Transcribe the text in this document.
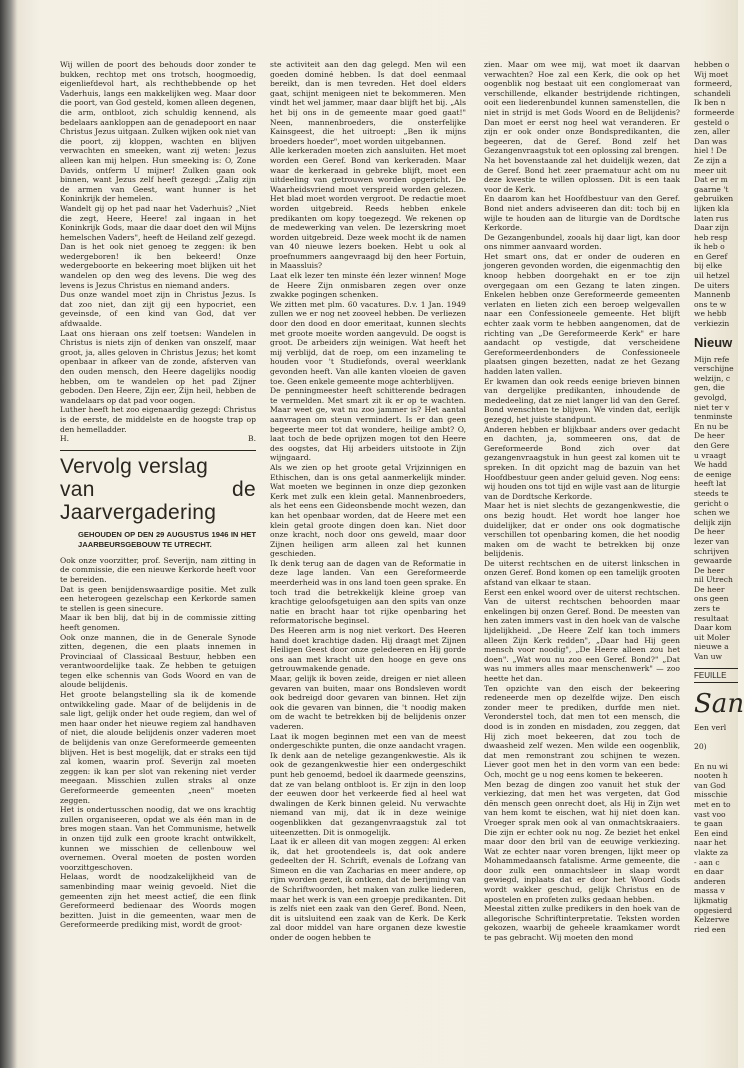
Wij willen de poort des behouds door zonder te bukken, rechtop met ons trotsch, hoogmoedig, eigenliefdevol hart, als rechthebbende op het Vaderhuis, langs een makkelijken weg. Maar door die poort, van God gesteld, komen alleen degenen, die arm, ontbloot, zich schuldig kennend, als bedelaars aankloppen aan de genadepoort en naar Christus Jezus uitgaan. Zulken wijken ook niet van die poort, zij kloppen, wachten en blijven verwachten en smeeken, want zij weten: Jezus alleen kan mij helpen. Hun smeeking is: O, Zone Davids, ontferm U mijner! Zulken gaan ook binnen, want Jezus zelf heeft gezegd: „Zalig zijn de armen van Geest, want hunner is het Koninkrijk der hemelen.

Wandelt gij op het pad naar het Vaderhuis? „Niet die zegt, Heere, Heere! zal ingaan in het Koninkrijk Gods, maar die daar doet den wil Mijns hemelschen Vaders", heeft de Heiland zelf gezegd.

Dan is het ook niet genoeg te zeggen: ik ben wedergeboren! ik ben bekeerd! Onze wedergeboorte en bekeering moet blijken uit het wandelen op den weg des levens. Die weg des levens is Jezus Christus en niemand anders.

Dus onze wandel moet zijn in Christus Jezus. Is dat zoo niet, dan zijt gij een hypocriet, een geveinsde, of een kind van God, dat ver afdwaalde.

Laat ons hieraan ons zelf toetsen: Wandelen in Christus is niets zijn of denken van onszelf, maar groot, ja, alles geloven in Christus Jezus; het komt openbaar in afkeer van de zonde, afsterven van den ouden mensch, den Heere dagelijks noodig hebben, om te wandelen op het pad Zijner geboden. Den Heere, Zijn eer, Zijn heil, hebben de wandelaars op dat pad voor oogen.

Luther heeft het zoo eigenaardig gezegd: Christus is de eerste, de middelste en de hoogste trap op den hemelladder.

H.	B.
Vervolg verslag
van de Jaarvergadering
GEHOUDEN OP DEN 29 AUGUSTUS 1946 IN HET JAARBEURSGEBOUW TE UTRECHT.

Ook onze voorzitter, prof. Severijn, nam zitting in de commissie, die een nieuwe Kerkorde heeft voor te bereiden.

Dat is geen benijdenswaardige positie. Met zulk een heterogeen gezelschap een Kerkorde samen te stellen is geen sinecure.

Maar ik ben blij, dat bij in de commissie zitting heeft genomen.

Ook onze mannen, die in de Generale Synode zitten, degenen, die een plaats innemen in Provinciaal of Classicaal Bestuur, hebben een verantwoordelijke taak. Ze hebben te getuigen tegen elke schennis van Gods Woord en van de aloude belijdenis.

Het groote belangstelling sla ik de komende ontwikkeling gade. Maar of de belijdenis in de sale ligt, gelijk onder het oude regiem, dan wel of men haar onder het nieuwe regiem zal handhaven of niet, die aloude belijdenis onzer vaderen moet de belijdenis van onze Gereformeerde gemeenten blijven. Het is best mogelijk, dat er straks een tijd zal komen, waarin prof. Severijn zal moeten zeggen: ik kan per slot van rekening niet verder meegaan. Misschien zullen straks al onze Gereformeerde gemeenten „neen" moeten zeggen.

Het is ondertusschen noodig, dat we ons krachtig zullen organiseeren, opdat we als één man in de bres mogen staan. Van het Communisme, hetwelk in onzen tijd zulk een groote kracht ontwikkelt, kunnen we misschien de cellenbouw wel overnemen. Overal moeten de posten worden voorzittgeschoven.

Helaas, wordt de noodzakelijkheid van de samenbinding maar weinig gevoeld. Niet die gemeenten zijn het meest actief, die een flink Gereformeerd bedienaar des Woords mogen bezitten. Juist in die gemeenten, waar men de Gereformeerde prediking mist, wordt de groot-

ste activiteit aan den dag gelegd. Men wil een goeden dominé hebben. Is dat doel eenmaal bereikt, dan is men tevreden. Het doel elders gaat, schijnt menigeen niet te bekommeren. Men vindt het wel jammer, maar daar blijft het bij. „Als het bij ons in de gemeente maar goed gaat!" Neen, mannenbroeders, die onsterfelijke Kainsgeest, die het uitroept: „Ben ik mijns broeders hoeder", moet worden uitgebannen.

Alle kerkeraden moeten zich aansluiten. Het moet worden een Geref. Bond van kerkeraden. Maar waar de kerkeraad in gebreke blijft, moet een uitdeeling van getrouwen worden opgericht. De Waarheidsvriend moet verspreid worden gelezen. Het blad moet worden vergroot. De redactie moet worden uitgebreid. Reeds hebben enkele predikanten om kopy toegezegd. We rekenen op de medewerking van velen. De lezerskring moet worden uitgebreid. Deze week mocht ik de namen van 40 nieuwe lezers boeken. Hebt u ook al proefnummers aangevraagd bij den heer Fortuin, in Maassluis?

Laat elk lezer ten minste één lezer winnen! Moge de Heere Zijn onmisbaren zegen over onze zwakke pogingen schenken.

We zitten met plm. 60 vacatures. D.v. 1 Jan. 1949 zullen we er nog net zooveel hebben. De verliezen door den dood en door emeritaat, kunnen slechts met groote moeite worden aangevuld. De oogst is groot. De arbeiders zijn weinigen. Wat heeft het mij verblijd, dat de roep, om een inzameling te houden voor 't Studiefonds, overal weerklank gevonden heeft. Van alle kanten vloeien de gaven toe. Geen enkele gemeente moge achterblijven.

De penningmeester heeft schitterende bedragen te vermelden. Met smart zit ik er op te wachten. Maar weet ge, wat nu zoo jammer is? Het aantal aanvragen om steun vermindert. Is er dan geen begeerte meer tot dat wondere, heilige ambt? O, laat toch de bede oprijzen mogen tot den Heere des oogstes, dat Hij arbeiders uitstoote in Zijn wijngaard.

Als we zien op het groote getal Vrijzinnigen en Ethischen, dan is ons getal aanmerkelijk minder. Wat moeten we beginnen in onze diep gezonken Kerk met zulk een klein getal. Mannenbroeders, als het eens een Gideonsbende mocht wezen, dan kan het openbaar worden, dat de Heere met een klein getal groote dingen doen kan. Niet door onze kracht, noch door ons geweld, maar door Zijnen heiligen arm alleen zal het kunnen geschieden.

Ik denk terug aan de dagen van de Reformatie in deze lage landen. Van een Gereformeerde meerderheid was in ons land toen geen sprake. En toch trad die betrekkelijk kleine groep van krachtige geloofsgetuigen aan den spits van onze natie en bracht haar tot rijke openbaring het reformatorische beginsel.

Des Heeren arm is nog niet verkort. Des Heeren hand doet krachtige daden. Hij draagt met Zijnen Heiligen Geest door onze geledeeren en Hij gorde ons aan met kracht uit den hooge en geve ons getrouwmakende genade.

Maar, gelijk ik boven zeide, dreigen er niet alleen gevaren van buiten, maar ons Bondsleven wordt ook bedreigd door gevaren van binnen. Het zijn ook die gevaren van binnen, die 't noodig maken om de wacht te betrekken bij de belijdenis onzer vaderen.

Laat ik mogen beginnen met een van de meest ondergeschikte punten, die onze aandacht vragen. Ik denk aan de netelige gezangenkwestie. Als ik ook de gezangenkwestie hier een ondergeschikt punt heb genoemd, bedoel ik daarmede geenszins, dat ze van belang ontbloot is. Er zijn in den loop der eeuwen door het verkeerde fied al heel wat dwalingen de Kerk binnen geleid. Nu verwachte niemand van mij, dat ik in deze weinige oogenblikken dat gezangenvraagstuk zal tot uiteenzetten. Dit is onmogelijk.

Laat ik er alleen dit van mogen zeggen: Al erken ik, dat het grootendeels is, dat ook andere gedeelten der H. Schrift, evenals de Lofzang van Simeon en die van Zacharias en meer andere, op rijm worden gezet, ik ontken, dat de berijming van de Schriftwoorden, het maken van zulke liederen, maar het werk is van een groepje predikanten. Dit is zelfs niet een zaak van den Geref. Bond. Neen, dit is uitsluitend een zaak van de Kerk. De Kerk zal door middel van hare organen deze kwestie onder de oogen hebben te

zien. Maar om wee mij, wat moet ik daarvan verwachten? Hoe zal een Kerk, die ook op het oogenblik nog bestaat uit een conglomeraat van verschillende, elkander bestrijdende richtingen, ooit een liederenbundel kunnen samenstellen, die niet in strijd is met Gods Woord en de Belijdenis? Dan moet er eerst nog heel wat veranderen. Er zijn er ook onder onze Bondspredikanten, die begeeren, dat de Geref. Bond zelf het Gezangenvraagstuk tot een oplossing zal brengen.

Na het bovenstaande zal het duidelijk wezen, dat de Geref. Bond het zeer praematuur acht om nu deze kwestie te willen oplossen. Dit is een taak voor de Kerk.

En daarom kan het Hoofdbestuur van den Geref. Bond niet anders adviseeren dan dit: toch bij en wijle te houden aan de liturgie van de Dordtsche Kerkorde.

De Gezangenbundel, zooals hij daar ligt, kan door ons nimmer aanvaard worden.

Het smart ons, dat er onder de ouderen en jongeren gevonden worden, die eigenmachtig den knoop hebben doorgehakt en er toe zijn overgegaan om een Gezang te laten zingen. Enkelen hebben onze Gereformeerde gemeenten verlaten en lieten zich een beroep welgevallen naar een Confessioneele gemeente. Het blijft echter zaak vorm te hebben aangenomen, dat de richting van „De Gereformeerde Kerk" er hare aandacht op vestigde, dat verscheidene Gereformeerdenbonders de Confessioneele plaatsen gingen bezetten, nadat ze het Gezang hadden laten vallen.

Er kwamen dan ook reeds eenige brieven binnen van dergelijke predikanten, inhoudende de mededeeling, dat ze niet langer lid van den Geref. Bond wenschten te blijven. We vinden dat, eerlijk gezegd, het juiste standpunt.

Anderen hebben er blijkbaar anders over gedacht en dachten, ja, sommeeren ons, dat de Gereformeerde Bond zich over dat gezangenvraagstuk in hun geest zal komen uit te spreken. In dit opzicht mag de bazuin van het Hoofdbestuur geen ander geluid geven. Nog eens: wij houden ons tot tijd en wijle vast aan de liturgie van de Dordtsche Kerkorde.

Maar het is niet slechts de gezangenkwestie, die ons bezig houdt. Het wordt hoe langer hoe duidelijker, dat er onder ons ook dogmatische verschillen tot openbaring komen, die het noodig maken om de wacht te betrekken bij onze belijdenis.

De uiterst rechtschen en de uiterst linkschen in onzen Geref. Bond komen op een tamelijk grooten afstand van elkaar te staan.

Eerst een enkel woord over de uiterst rechtschen. Van de uiterst rechtschen behoorden maar enkelingen bij onzen Geref. Bond. De meesten van hen zaten immers vast in den hoek van de valsche lijdelijkheid. „De Heere Zelf kan toch immers alleen Zijn Kerk redden", „Daar had Hij geen mensch voor noodig", „De Heere alleen zou het doen". „Wat wou nu zoo een Geref. Bond?" „Dat was nu immers alles maar menschenwerk" — zoo heette het dan.

Ten opzichte van den eisch der bekeering redeneerde men op dezelfde wijze. Den eisch zonder meer te prediken, durfde men niet. Veronderstel toch, dat men tot een mensch, die dood is in zonden en misdaden, zou zeggen, dat Hij zich moet bekeeren, dat zou toch de dwaasheid zelf wezen. Men wilde een oogenblik, dat men remonstrant zou schijnen te wezen. Liever goot men het in den vorm van een bede: Och, mocht ge u nog eens komen te bekeeren.

Men bezag de dingen zoo vanuit het stuk der verkiezing, dat men het was vergeten, dat God dēn mensch geen onrecht doet, als Hij in Zijn wet van hem komt te eischen, wat hij niet doen kan. Vroeger sprak men ook al van onmachtskraaiers. Die zijn er echter ook nu nog. Ze beziet het enkel maar door den bril van de eeuwige verkiezing. Wat ze echter naar voren brengen, lijkt meer op Mohammedaansch fatalisme. Arme gemeente, die door zulk een onmachtsleer in slaap wordt gewiegd, inplaats dat er door het Woord Gods wordt wakker geschud, gelijk Christus en de apostelen en profeten zulks gedaan hebben.

Meestal zitten zulke predikers in den hoek van de allegorische Schriftinterpretatie. Teksten worden gekozen, waarbij de geheele kraamkamer wordt te pas gebracht. Wij moeten den mond

hebben o

Wij moet

formeerd,

schandeli

Ik ben n

formeerde

gesteld o

zen, aller

Dan was

hiel ! De

Ze zijn a

meer uit

Dat er m

gaarne 't

gebruiken

lijken kla

laten rus

Daar zijn

heb resp

ik heb o

en Geref

bij elke

uil hetzel

De uiters

Mannenb

ons te w

we hebb

verkiezin

Nieuw

Mijn refe

verschijne

welzijn, c

gen, die

gevolgd,

niet ter v

tenminste

En nu be

De heer

den Gere

u vraagt

We hadd

de eenige

heeft lat

steeds te

gericht o

schen we

delijk zijn

De heer

lezer van

schrijven

gewaarde

De heer

nil Utrech

De heer

ons geen

zers te

resultaat

Daar kom

uit Moler

nieuwe a

Van uw

FEUILLE
San

Een verl

20)

En nu wi

nooten h

van God

misschie

met en to

vast voo

te gaan

Een eind

naar het

vlakte za

- aan c

en daar

anderen

massa v

lijkmatig

opgesierd

Kelzerwe

ried een
